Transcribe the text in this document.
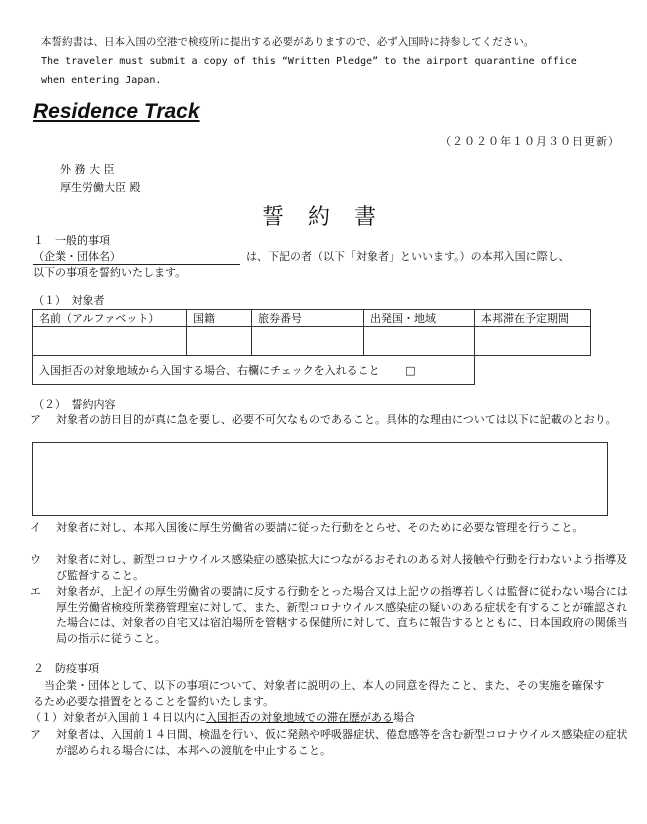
本誓約書は、日本入国の空港で検疫所に提出する必要がありますので、必ず入国時に持参してください。
The traveler must submit a copy of this “Written Pledge” to the airport quarantine office when entering Japan.
Residence Track
（２０２０年１０月３０日更新）
外 務 大 臣
厚生労働大臣 殿
誓約書
１　一般的事項
（企業・団体名）	は、下記の者（以下「対象者」といいます。）の本邦入国に際し、
以下の事項を誓約いたします。
（１）　対象者
名前（アルファベット）	国籍	旅券番号	出発国・地域	本邦滞在予定期間

入国拒否の対象地域から入国する場合、右欄にチェックを入れること □				
（２）　誓約内容
ア 対象者の訪日目的が真に急を要し、必要不可欠なものであること。具体的な理由については以下に記載のとおり。
イ 対象者に対し、本邦入国後に厚生労働省の要請に従った行動をとらせ、そのために必要な管理を行うこと。
ウ 対象者に対し、新型コロナウイルス感染症の感染拡大につながるおそれのある対人接触や行動を行わないよう指導及び監督すること。
エ 対象者が、上記イの厚生労働省の要請に反する行動をとった場合又は上記ウの指導若しくは監督に従わない場合には厚生労働省検疫所業務管理室に対して、また、新型コロナウイルス感染症の疑いのある症状を有することが確認された場合には、対象者の自宅又は宿泊場所を管轄する保健所に対して、直ちに報告するとともに、日本国政府の関係当局の指示に従うこと。
２　防疫事項
当企業・団体として、以下の事項について、対象者に説明の上、本人の同意を得たこと、また、その実施を確保するため必要な措置をとることを誓約いたします。
（１）対象者が入国前１４日以内に入国拒否の対象地域での滞在歴がある場合
ア 対象者は、入国前１４日間、検温を行い、仮に発熱や呼吸器症状、倦怠感等を含む新型コロナウイルス感染症の症状が認められる場合には、本邦への渡航を中止すること。
